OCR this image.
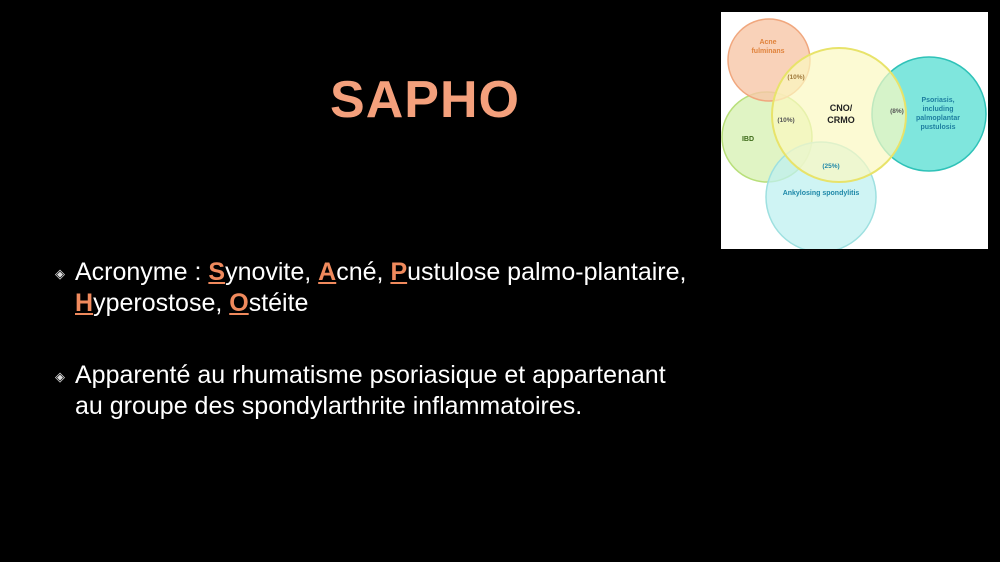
SAPHO
◈ Acronyme : Synovite, Acné, Pustulose palmo-plantaire, Hyperostose, Ostéite
◈ Apparenté au rhumatisme psoriasique et appartenant au groupe des spondylarthrite inflammatoires.
Acne
fulminans
(10%)
CNO/
CRMO
IBD
(10%)
(8%)
Psoriasis,
including
palmoplantar
pustulosis
(25%)
Ankylosing spondylitis
